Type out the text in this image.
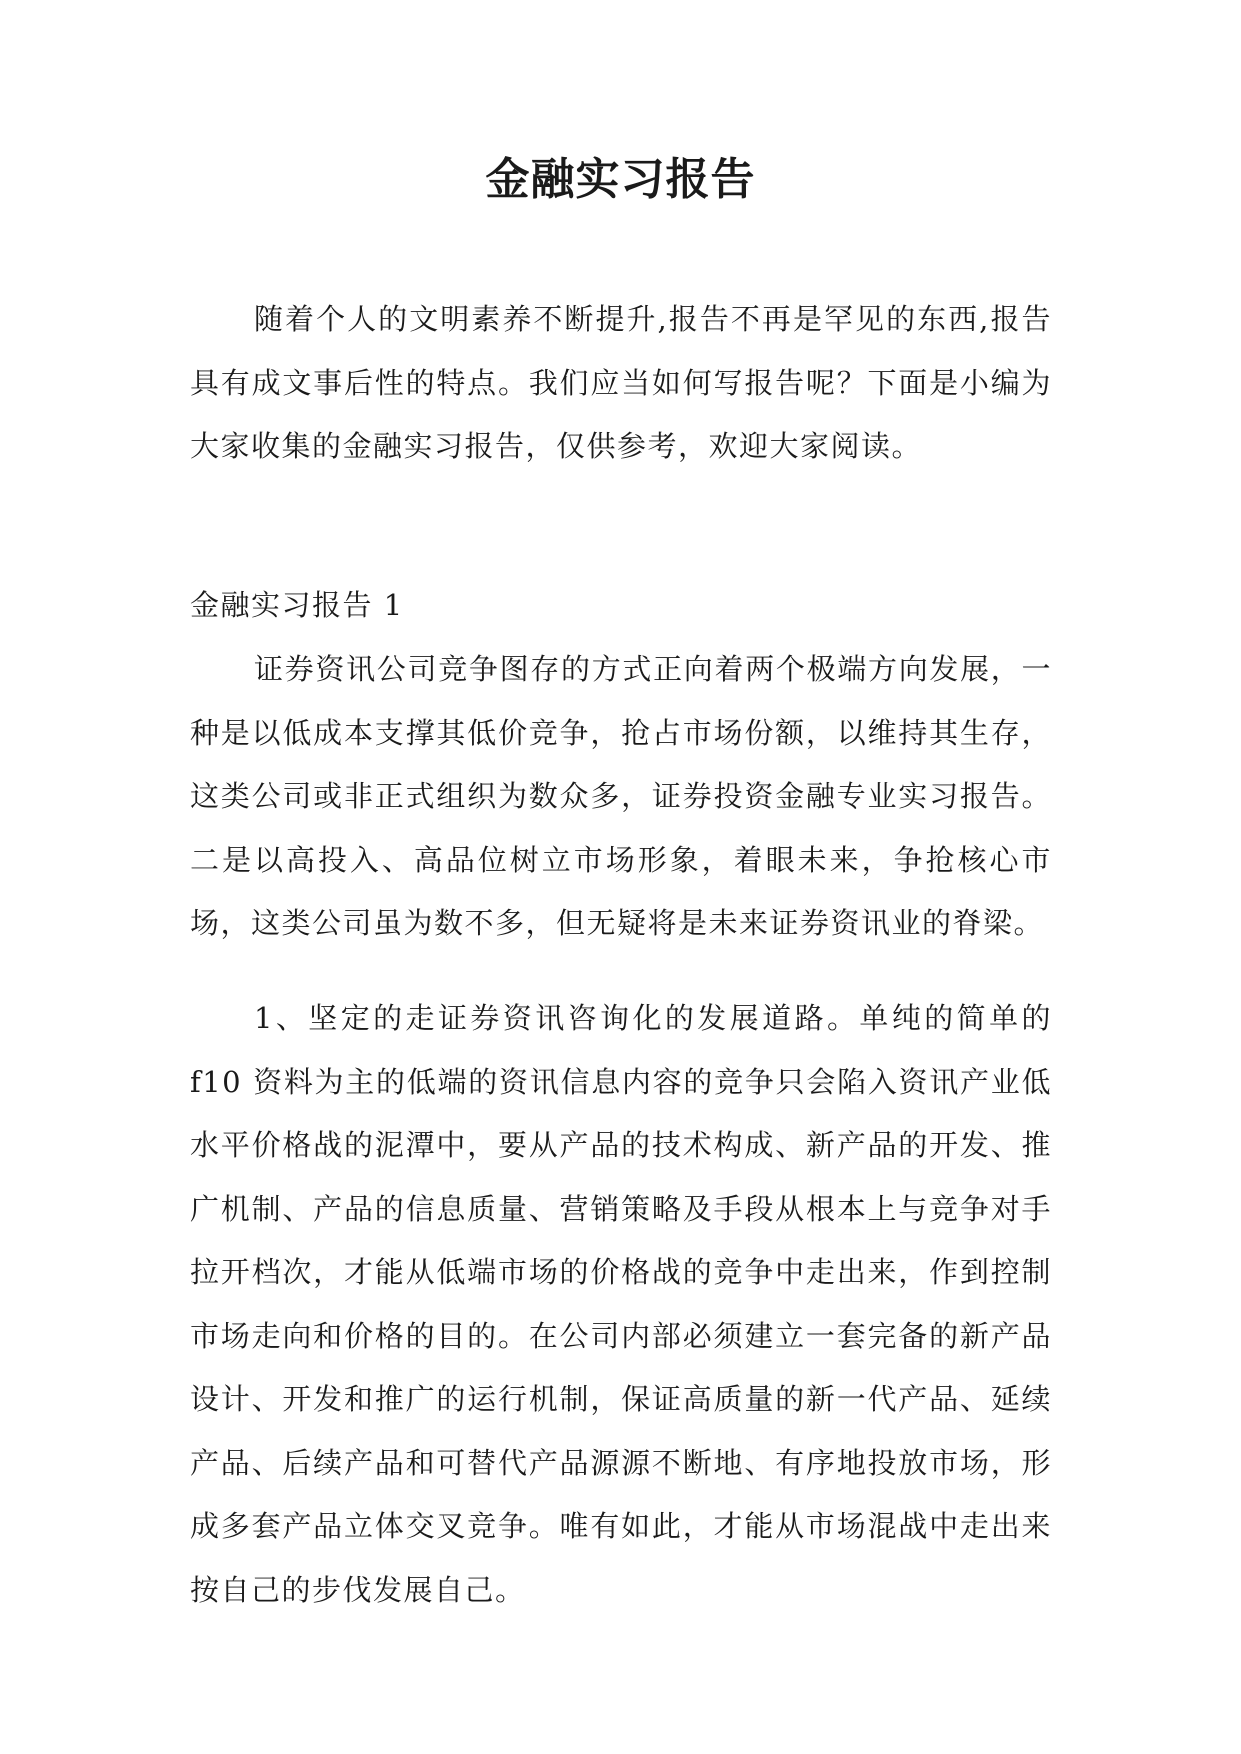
金融实习报告

随着个人的文明素养不断提升,报告不再是罕见的东西,报告具有成文事后性的特点。我们应当如何写报告呢？下面是小编为大家收集的金融实习报告，仅供参考，欢迎大家阅读。

金融实习报告 1

证券资讯公司竞争图存的方式正向着两个极端方向发展，一种是以低成本支撑其低价竞争，抢占市场份额，以维持其生存，这类公司或非正式组织为数众多，证券投资金融专业实习报告。二是以高投入、高品位树立市场形象，着眼未来，争抢核心市场，这类公司虽为数不多，但无疑将是未来证券资讯业的脊梁。

1、坚定的走证券资讯咨询化的发展道路。单纯的简单的 f10 资料为主的低端的资讯信息内容的竞争只会陷入资讯产业低水平价格战的泥潭中，要从产品的技术构成、新产品的开发、推广机制、产品的信息质量、营销策略及手段从根本上与竞争对手拉开档次，才能从低端市场的价格战的竞争中走出来，作到控制市场走向和价格的目的。在公司内部必须建立一套完备的新产品设计、开发和推广的运行机制，保证高质量的新一代产品、延续产品、后续产品和可替代产品源源不断地、有序地投放市场，形成多套产品立体交叉竞争。唯有如此，才能从市场混战中走出来按自己的步伐发展自己。
